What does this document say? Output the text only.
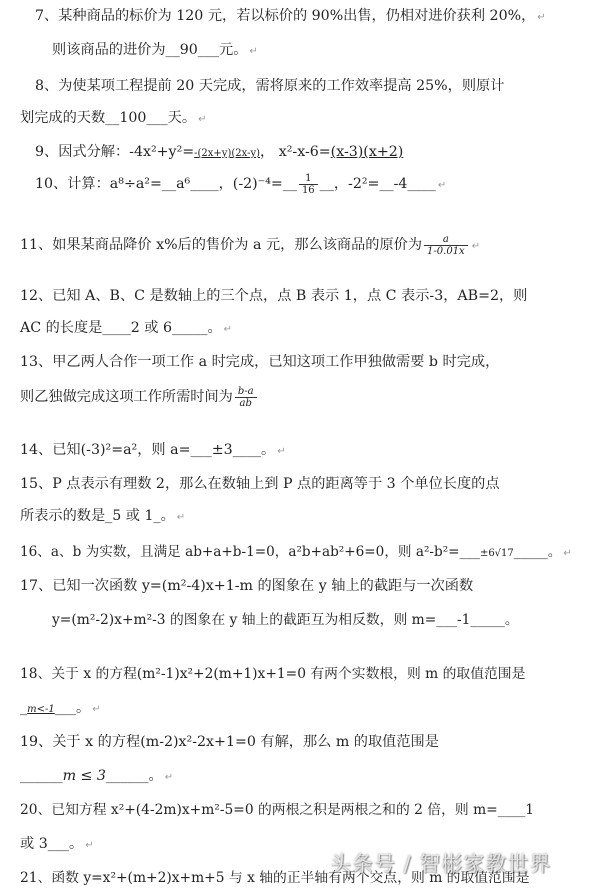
7、某种商品的标价为 120 元，若以标价的 90%出售，仍相对进价获利 20%， ↵
则该商品的进价为__90___元。 ↵
8、为使某项工程提前 20 天完成，需将原来的工作效率提高 25%，则原计
划完成的天数__100___天。 ↵
9、因式分解：-4x²+y²=-(2x+y)(2x-y)， x²-x-6=(x-3)(x+2)
10、计算：a⁸÷a²=__a⁶____，(-2)⁻⁴=__ $\frac{1}{16}$ __，-2²=__-4____ ↵
11、如果某商品降价 x%后的售价为 a 元，那么该商品的原价为 $\frac{a}{1-0.01x}$ ↵
12、已知 A、B、C 是数轴上的三个点，点 B 表示 1，点 C 表示-3，AB=2，则
AC 的长度是____2 或 6_____。 ↵
13、甲乙两人合作一项工作 a 时完成，已知这项工作甲独做需要 b 时完成，
则乙独做完成这项工作所需时间为 $\frac{b-a}{ab}$
14、已知(-3)²=a²，则 a=___±3____。 ↵
15、P 点表示有理数 2，那么在数轴上到 P 点的距离等于 3 个单位长度的点
所表示的数是_5 或 1_。 ↵
16、a、b 为实数，且满足 ab+a+b-1=0，a²b+ab²+6=0，则 a²-b²=___±6√17_____。 ↵
17、已知一次函数 y=(m²-4)x+1-m 的图象在 y 轴上的截距与一次函数
y=(m²-2)x+m²-3 的图象在 y 轴上的截距互为相反数，则 m=___-1_____。
18、关于 x 的方程(m²-1)x²+2(m+1)x+1=0 有两个实数根，则 m 的取值范围是
_m<-1___。 ↵
19、关于 x 的方程(m-2)x²-2x+1=0 有解，那么 m 的取值范围是
______m ≤ 3______。 ↵
20、已知方程 x²+(4-2m)x+m²-5=0 的两根之积是两根之和的 2 倍，则 m=____1
或 3___。 ↵
21、函数 y=x²+(m+2)x+m+5 与 x 轴的正半轴有两个交点，则 m 的取值范围是
头条号 / 智彬家教世界
